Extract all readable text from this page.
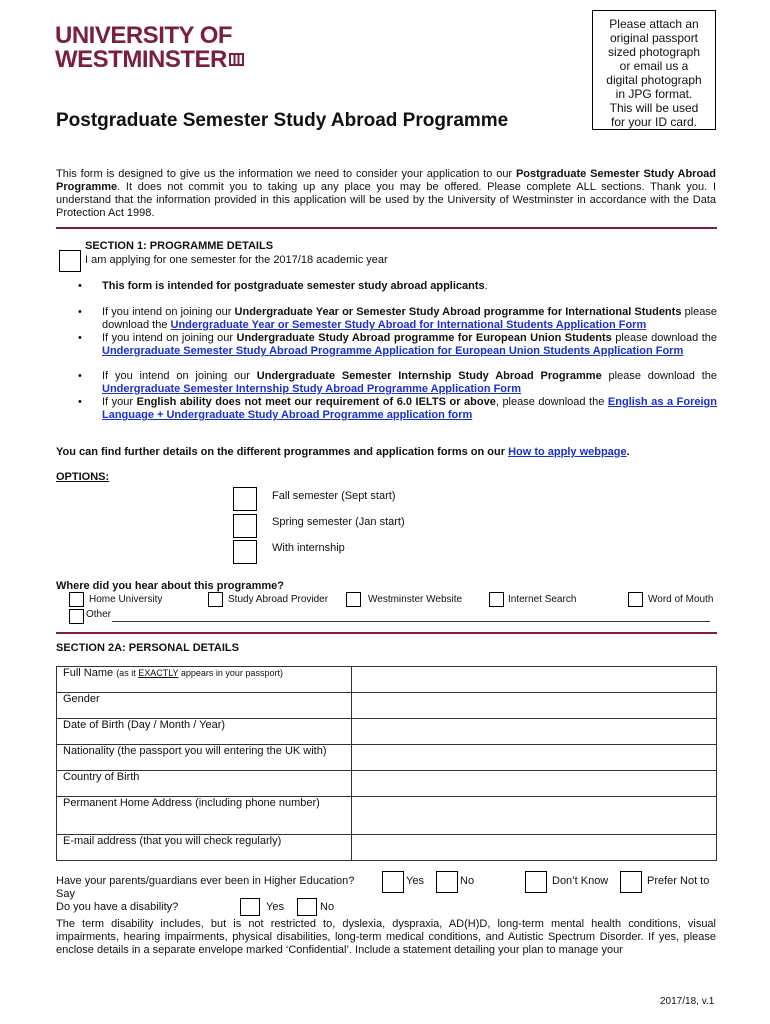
UNIVERSITY OF
WESTMINSTER
Please attach an
original passport
sized photograph
or email us a
digital photograph
in JPG format.
This will be used
for your ID card.
Postgraduate Semester Study Abroad Programme
This form is designed to give us the information we need to consider your application to our Postgraduate Semester Study Abroad Programme. It does not commit you to taking up any place you may be offered. Please complete ALL sections. Thank you. I understand that the information provided in this application will be used by the University of Westminster in accordance with the Data Protection Act 1998.
SECTION 1: PROGRAMME DETAILS
I am applying for one semester for the 2017/18 academic year
• This form is intended for postgraduate semester study abroad applicants.
• If you intend on joining our Undergraduate Year or Semester Study Abroad programme for International Students please download the Undergraduate Year or Semester Study Abroad for International Students Application Form
• If you intend on joining our Undergraduate Study Abroad programme for European Union Students please download the Undergraduate Semester Study Abroad Programme Application for European Union Students Application Form
• If you intend on joining our Undergraduate Semester Internship Study Abroad Programme please download the Undergraduate Semester Internship Study Abroad Programme Application Form
• If your English ability does not meet our requirement of 6.0 IELTS or above, please download the English as a Foreign Language + Undergraduate Study Abroad Programme application form
You can find further details on the different programmes and application forms on our How to apply webpage.
OPTIONS:
Fall semester (Sept start)
Spring semester (Jan start)
With internship
Where did you hear about this programme?
Home University	Study Abroad Provider	Westminster Website	Internet Search	Word of Mouth
Other
SECTION 2A: PERSONAL DETAILS
Full Name (as it EXACTLY appears in your passport)	
Gender	
Date of Birth (Day / Month / Year)	
Nationality (the passport you will entering the UK with)	
Country of Birth	
Permanent Home Address (including phone number)	
E-mail address (that you will check regularly)	
Have your parents/guardians ever been in Higher Education?
Say
Yes	No	Don’t Know	Prefer Not to
Do you have a disability?	Yes	No
The term disability includes, but is not restricted to, dyslexia, dyspraxia, AD(H)D, long-term mental health conditions, visual impairments, hearing impairments, physical disabilities, long-term medical conditions, and Autistic Spectrum Disorder. If yes, please enclose details in a separate envelope marked ‘Confidential’. Include a statement detailing your plan to manage your
2017/18, v.1
